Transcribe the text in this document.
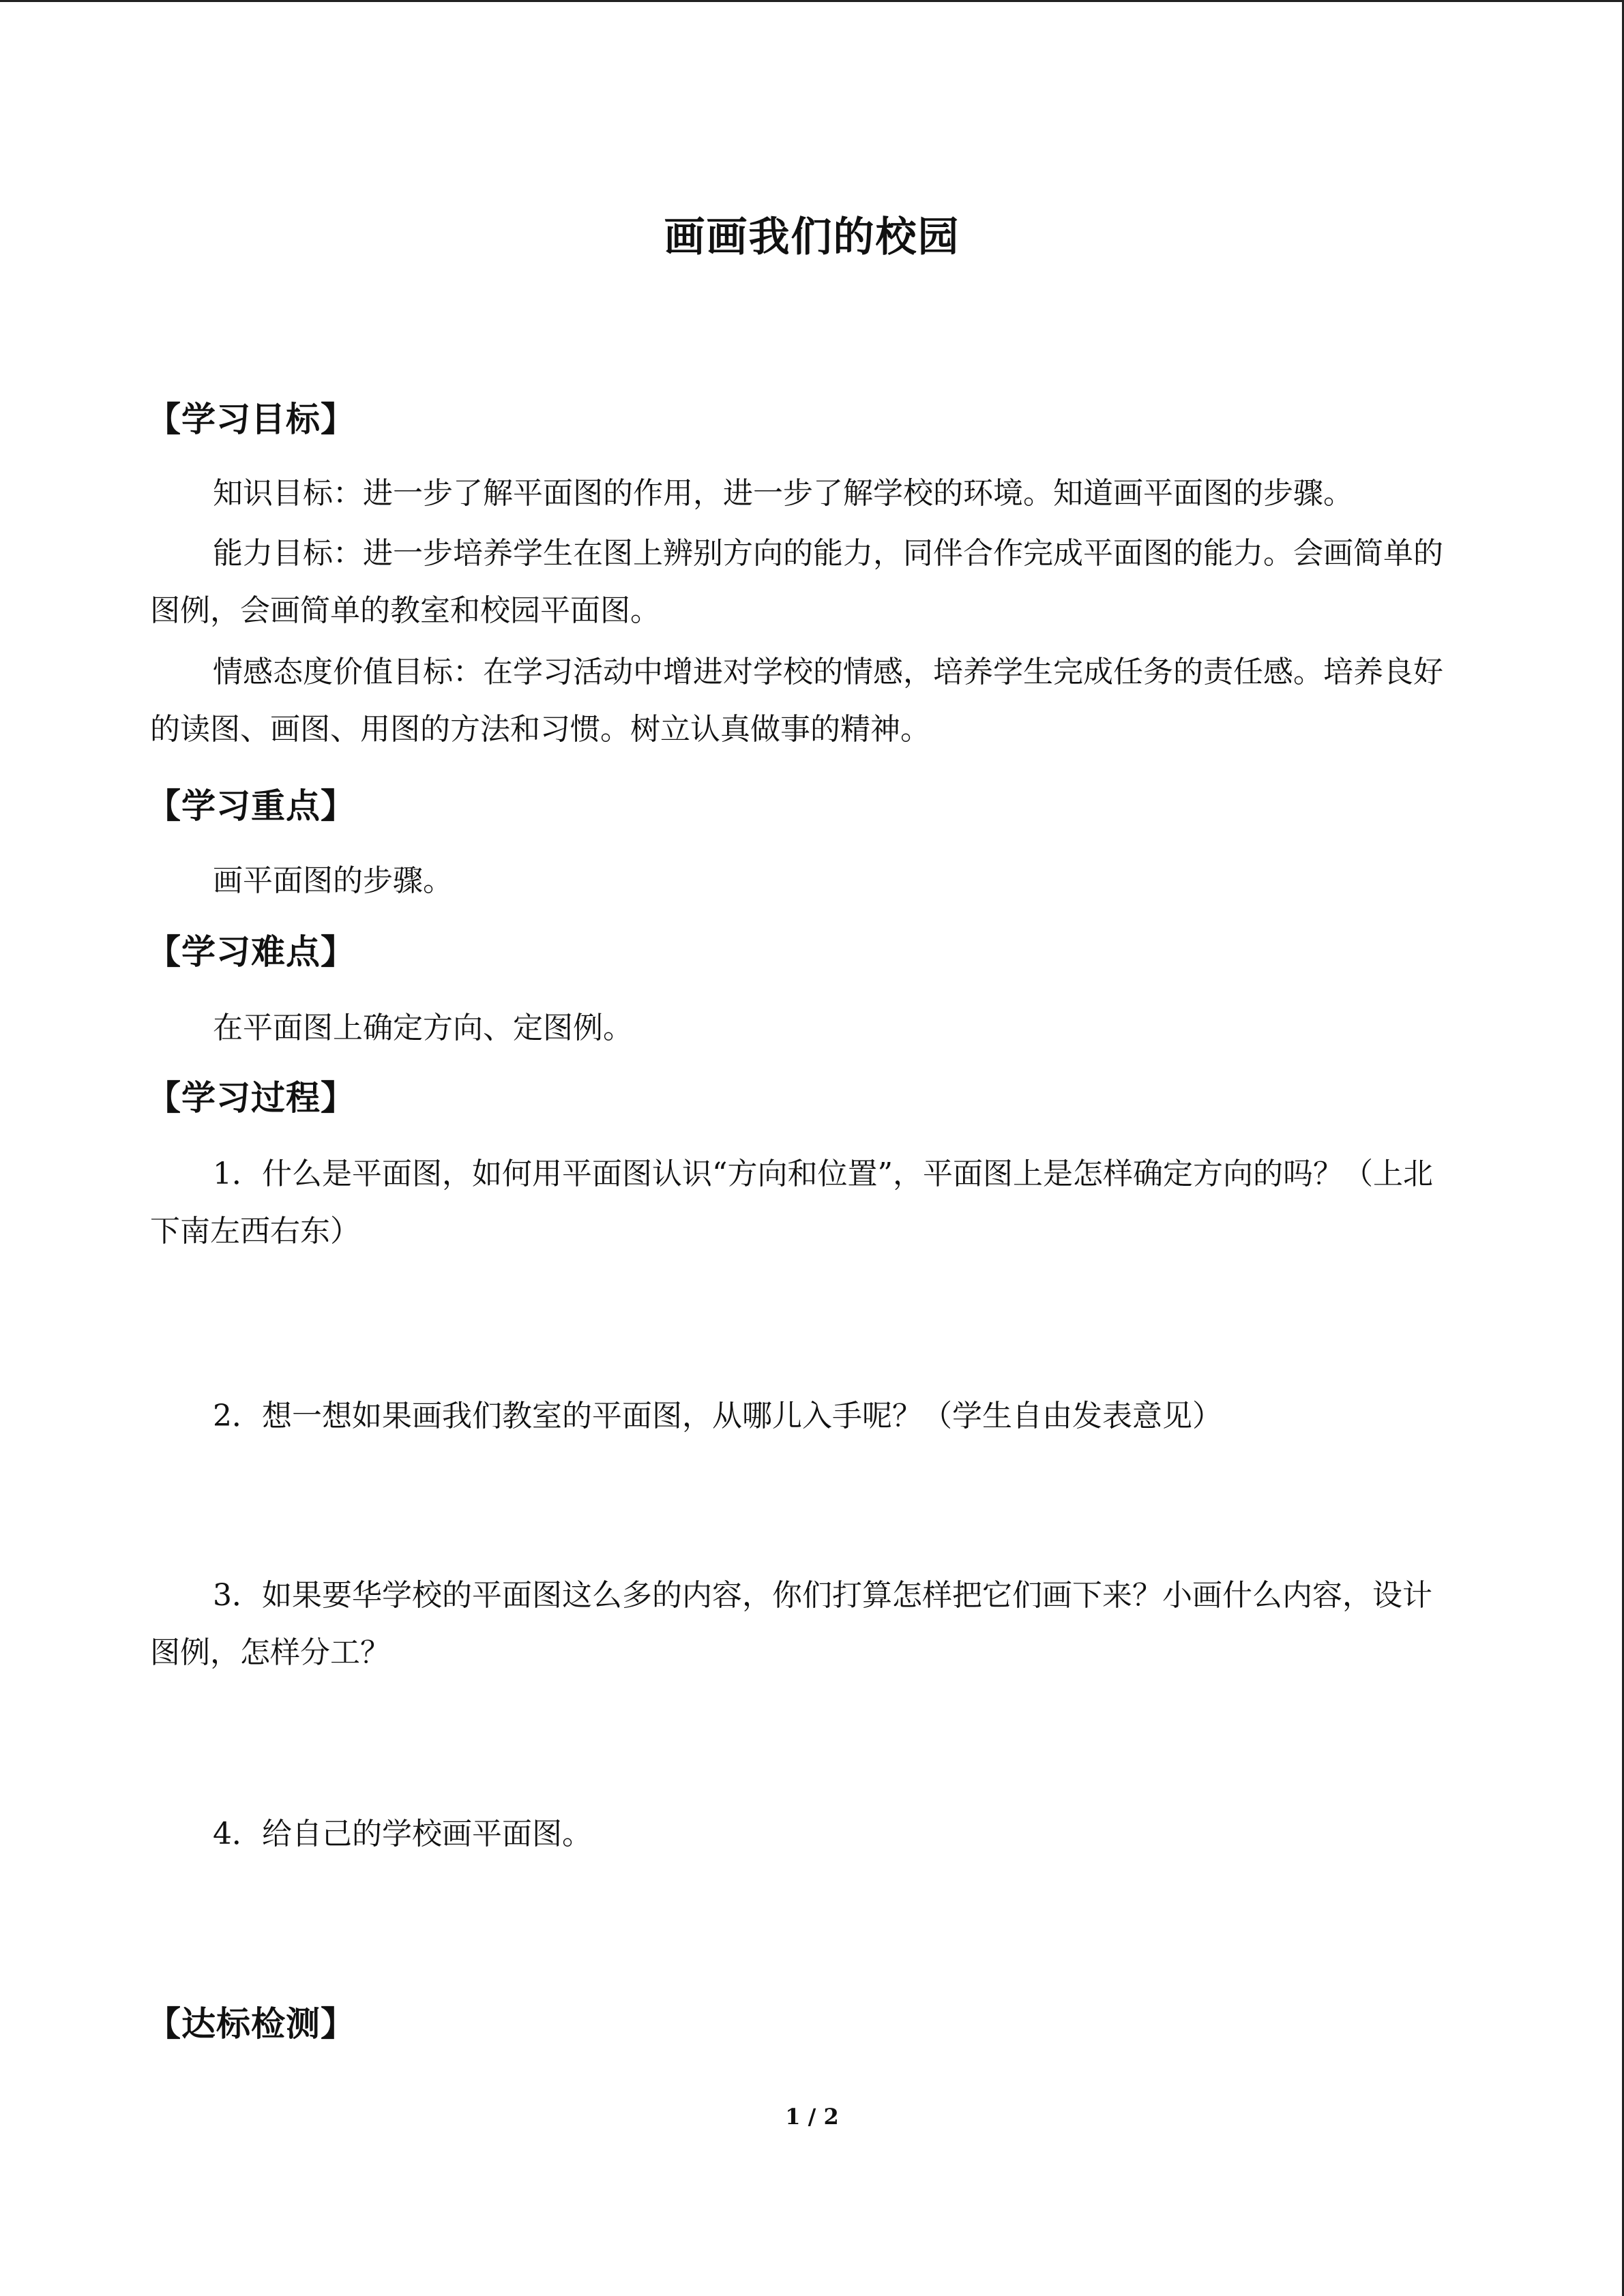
画画我们的校园
【学习目标】
知识目标：进一步了解平面图的作用，进一步了解学校的环境。知道画平面图的步骤。
能力目标：进一步培养学生在图上辨别方向的能力，同伴合作完成平面图的能力。会画简单的图例，会画简单的教室和校园平面图。
情感态度价值目标：在学习活动中增进对学校的情感，培养学生完成任务的责任感。培养良好的读图、画图、用图的方法和习惯。树立认真做事的精神。
【学习重点】
画平面图的步骤。
【学习难点】
在平面图上确定方向、定图例。
【学习过程】
1．什么是平面图，如何用平面图认识“方向和位置”，平面图上是怎样确定方向的吗？（上北下南左西右东）
2．想一想如果画我们教室的平面图，从哪儿入手呢？（学生自由发表意见）
3．如果要华学校的平面图这么多的内容，你们打算怎样把它们画下来？小画什么内容，设计图例，怎样分工？
4．给自己的学校画平面图。
【达标检测】
1 / 2
